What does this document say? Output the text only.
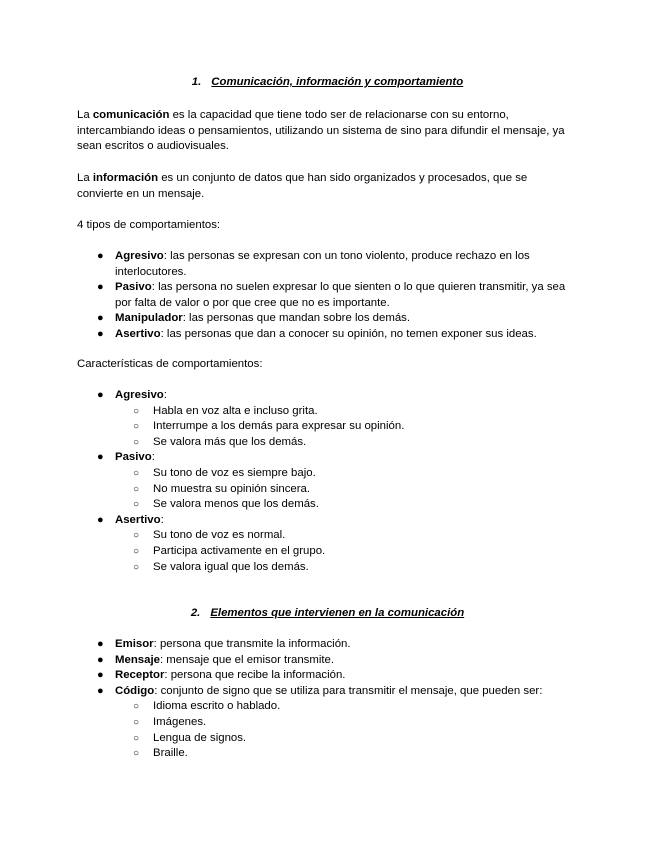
1. Comunicación, información y comportamiento

La comunicación es la capacidad que tiene todo ser de relacionarse con su entorno, intercambiando ideas o pensamientos, utilizando un sistema de sino para difundir el mensaje, ya sean escritos o audiovisuales.

La información es un conjunto de datos que han sido organizados y procesados, que se convierte en un mensaje.

4 tipos de comportamientos:

● Agresivo: las personas se expresan con un tono violento, produce rechazo en los interlocutores.
● Pasivo: las persona no suelen expresar lo que sienten o lo que quieren transmitir, ya sea por falta de valor o por que cree que no es importante.
● Manipulador: las personas que mandan sobre los demás.
● Asertivo: las personas que dan a conocer su opinión, no temen exponer sus ideas.

Características de comportamientos:

● Agresivo:
○ Habla en voz alta e incluso grita.
○ Interrumpe a los demás para expresar su opinión.
○ Se valora más que los demás.
● Pasivo:
○ Su tono de voz es siempre bajo.
○ No muestra su opinión sincera.
○ Se valora menos que los demás.
● Asertivo:
○ Su tono de voz es normal.
○ Participa activamente en el grupo.
○ Se valora igual que los demás.
2. Elementos que intervienen en la comunicación
● Emisor: persona que transmite la información.
● Mensaje: mensaje que el emisor transmite.
● Receptor: persona que recibe la información.
● Código: conjunto de signo que se utiliza para transmitir el mensaje, que pueden ser:
○ Idioma escrito o hablado.
○ Imágenes.
○ Lengua de signos.
○ Braille.
